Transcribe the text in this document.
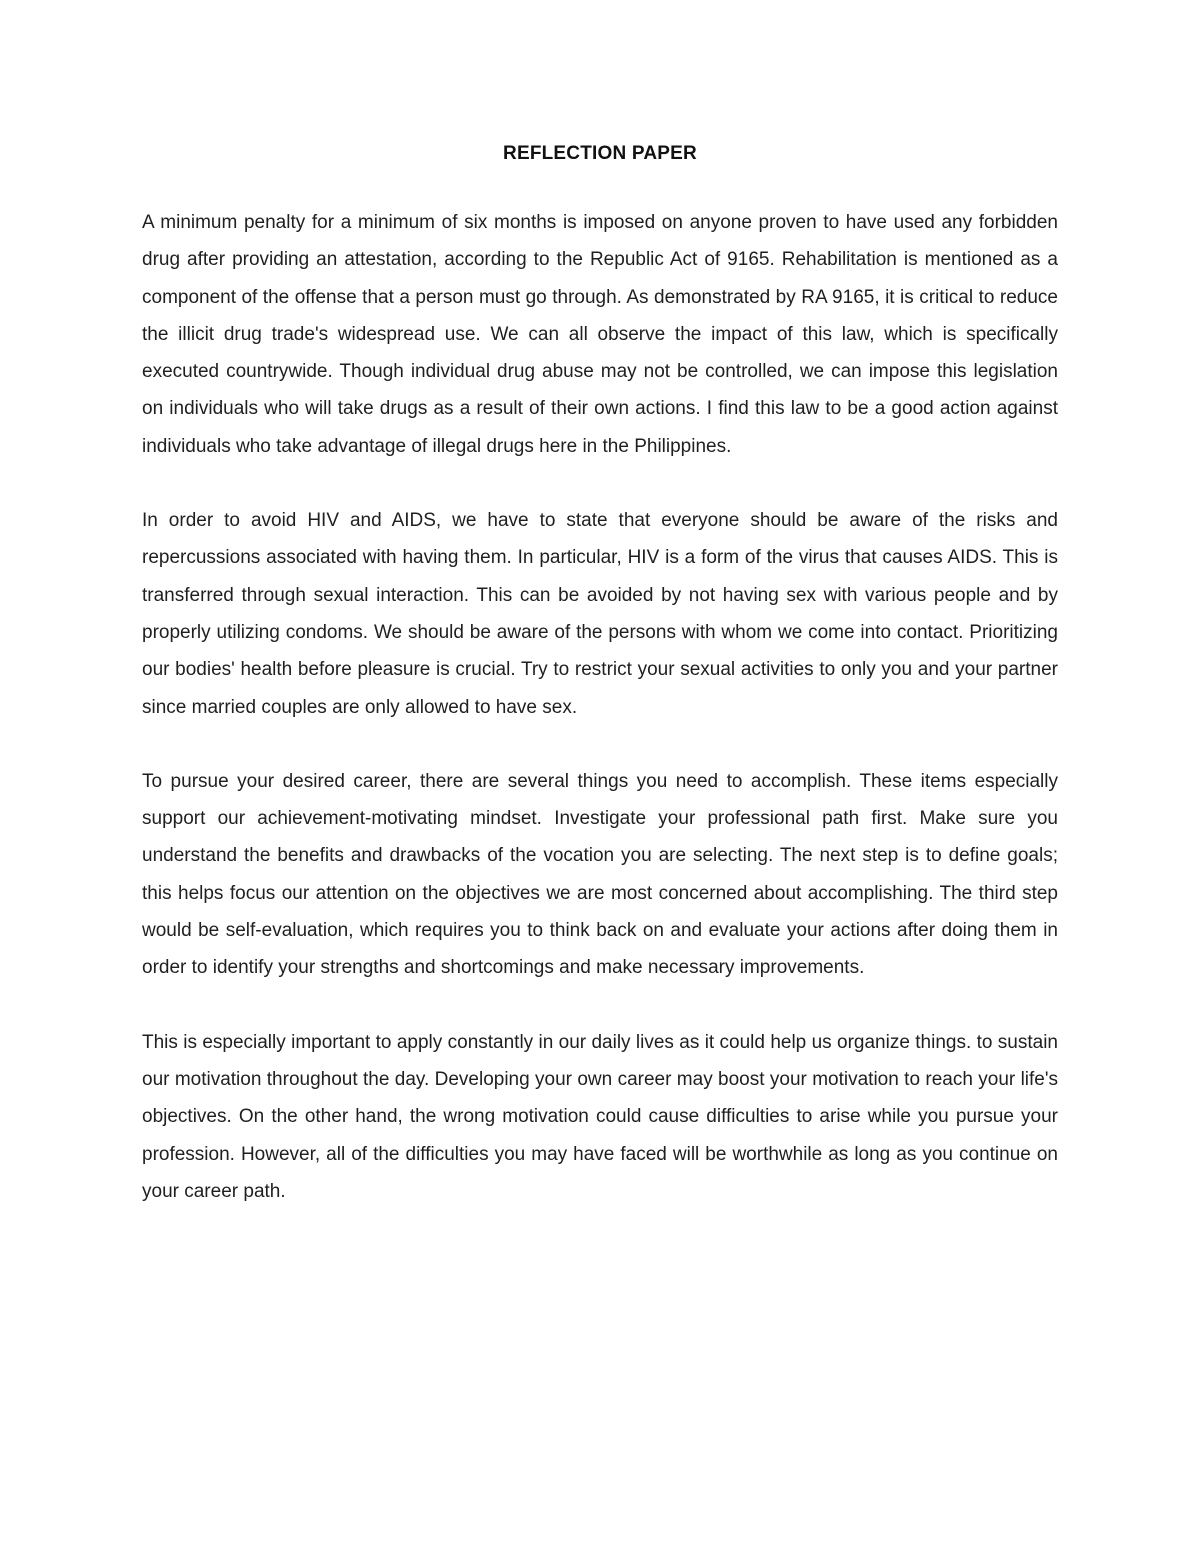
REFLECTION PAPER

A minimum penalty for a minimum of six months is imposed on anyone proven to have used any forbidden drug after providing an attestation, according to the Republic Act of 9165. Rehabilitation is mentioned as a component of the offense that a person must go through. As demonstrated by RA 9165, it is critical to reduce the illicit drug trade's widespread use. We can all observe the impact of this law, which is specifically executed countrywide. Though individual drug abuse may not be controlled, we can impose this legislation on individuals who will take drugs as a result of their own actions. I find this law to be a good action against individuals who take advantage of illegal drugs here in the Philippines.

In order to avoid HIV and AIDS, we have to state that everyone should be aware of the risks and repercussions associated with having them. In particular, HIV is a form of the virus that causes AIDS. This is transferred through sexual interaction. This can be avoided by not having sex with various people and by properly utilizing condoms. We should be aware of the persons with whom we come into contact. Prioritizing our bodies' health before pleasure is crucial. Try to restrict your sexual activities to only you and your partner since married couples are only allowed to have sex.

To pursue your desired career, there are several things you need to accomplish. These items especially support our achievement-motivating mindset. Investigate your professional path first. Make sure you understand the benefits and drawbacks of the vocation you are selecting. The next step is to define goals; this helps focus our attention on the objectives we are most concerned about accomplishing. The third step would be self-evaluation, which requires you to think back on and evaluate your actions after doing them in order to identify your strengths and shortcomings and make necessary improvements.

This is especially important to apply constantly in our daily lives as it could help us organize things. to sustain our motivation throughout the day. Developing your own career may boost your motivation to reach your life's objectives. On the other hand, the wrong motivation could cause difficulties to arise while you pursue your profession. However, all of the difficulties you may have faced will be worthwhile as long as you continue on your career path.
